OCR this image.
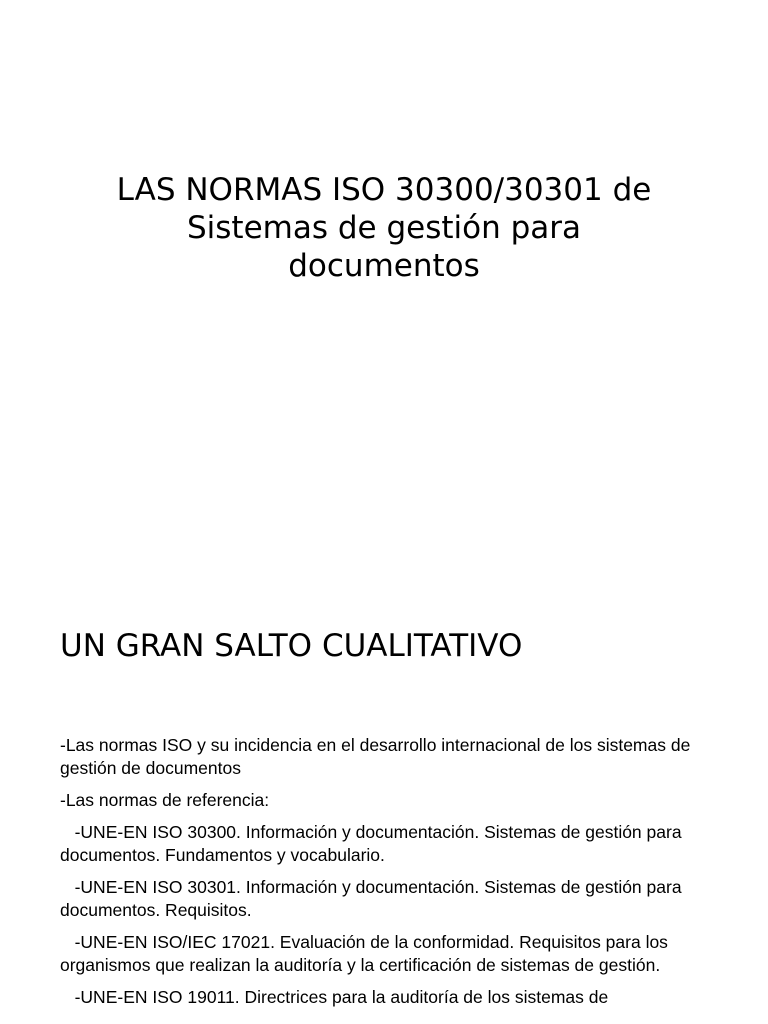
LAS NORMAS ISO 30300/30301 de
Sistemas de gestión para
documentos
UN GRAN SALTO CUALITATIVO

-Las normas ISO y su incidencia en el desarrollo internacional de los sistemas de gestión de documentos

-Las normas de referencia:

-UNE-EN ISO 30300. Información y documentación. Sistemas de gestión para documentos. Fundamentos y vocabulario.

-UNE-EN ISO 30301. Información y documentación. Sistemas de gestión para documentos. Requisitos.

-UNE-EN ISO/IEC 17021. Evaluación de la conformidad. Requisitos para los organismos que realizan la auditoría y la certificación de sistemas de gestión.

-UNE-EN ISO 19011. Directrices para la auditoría de los sistemas de
